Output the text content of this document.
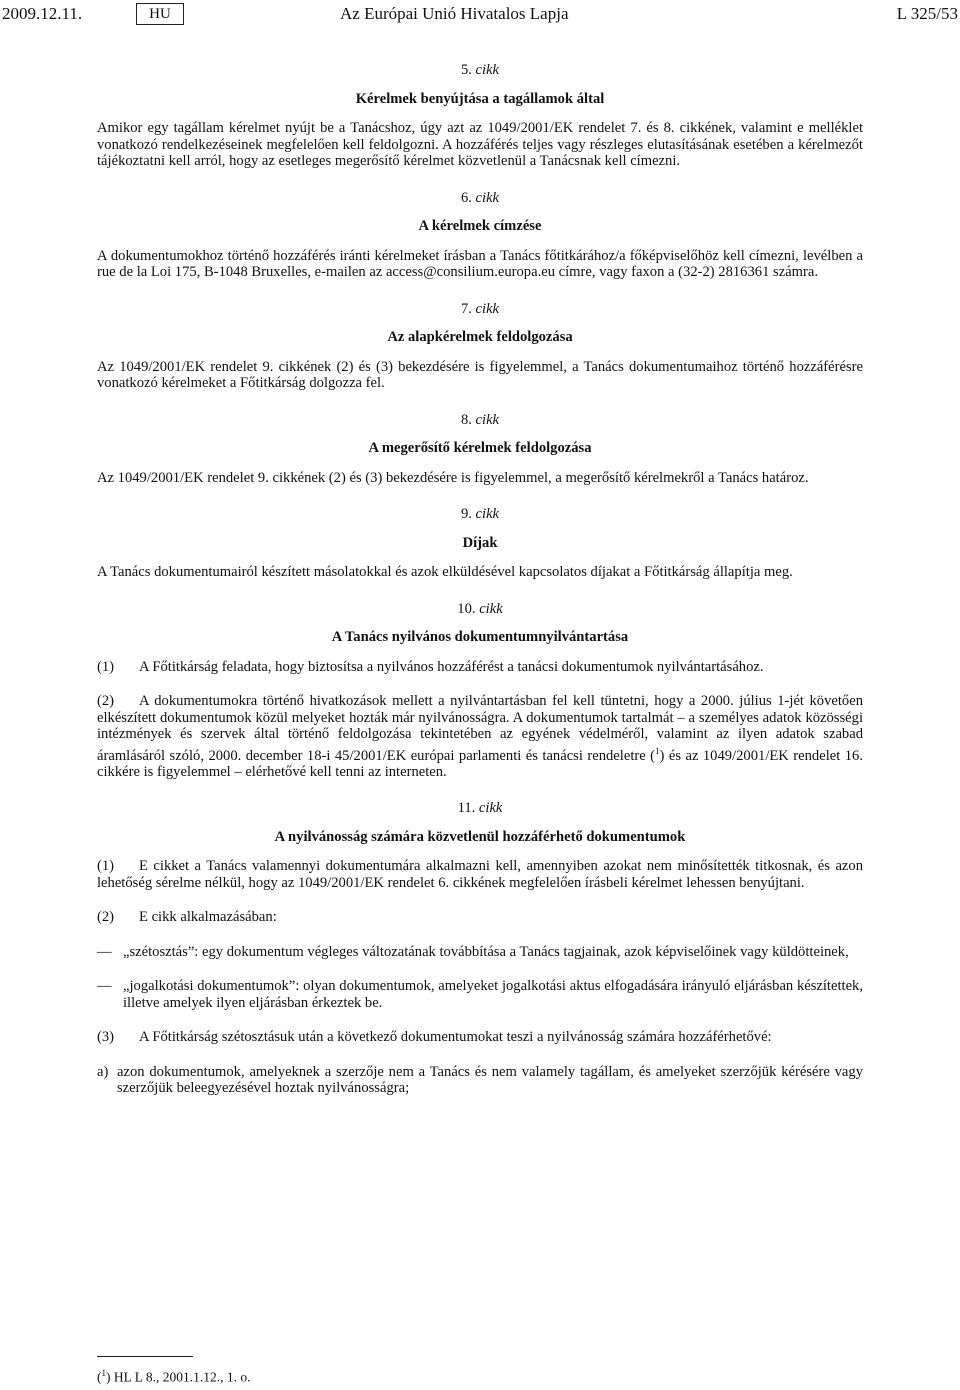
2009.12.11.	HU	Az Európai Unió Hivatalos Lapja	L 325/53

5. cikk

Kérelmek benyújtása a tagállamok által

Amikor egy tagállam kérelmet nyújt be a Tanácshoz, úgy azt az 1049/2001/EK rendelet 7. és 8. cikkének, valamint e melléklet vonatkozó rendelkezéseinek megfelelően kell feldolgozni. A hozzáférés teljes vagy részleges elutasításának esetében a kérelmezőt tájékoztatni kell arról, hogy az esetleges megerősítő kérelmet közvetlenül a Tanácsnak kell címezni.

6. cikk

A kérelmek címzése

A dokumentumokhoz történő hozzáférés iránti kérelmeket írásban a Tanács főtitkárához/a főképviselőhöz kell címezni, levélben a rue de la Loi 175, B-1048 Bruxelles, e-mailen az access@consilium.europa.eu címre, vagy faxon a (32-2) 2816361 számra.

7. cikk

Az alapkérelmek feldolgozása

Az 1049/2001/EK rendelet 9. cikkének (2) és (3) bekezdésére is figyelemmel, a Tanács dokumentumaihoz történő hozzáférésre vonatkozó kérelmeket a Főtitkárság dolgozza fel.

8. cikk

A megerősítő kérelmek feldolgozása

Az 1049/2001/EK rendelet 9. cikkének (2) és (3) bekezdésére is figyelemmel, a megerősítő kérelmekről a Tanács határoz.

9. cikk

Díjak

A Tanács dokumentumairól készített másolatokkal és azok elküldésével kapcsolatos díjakat a Főtitkárság állapítja meg.

10. cikk

A Tanács nyilvános dokumentumnyilvántartása

(1)	A Főtitkárság feladata, hogy biztosítsa a nyilvános hozzáférést a tanácsi dokumentumok nyilvántartásához.
(2) A dokumentumokra történő hivatkozások mellett a nyilvántartásban fel kell tüntetni, hogy a 2000. július 1-jét követően elkészített dokumentumok közül melyeket hozták már nyilvánosságra. A dokumentumok tartalmát – a személyes adatok közösségi intézmények és szervek által történő feldolgozása tekintetében az egyének védelméről, valamint az ilyen adatok szabad áramlásáról szóló, 2000. december 18-i 45/2001/EK európai parlamenti és tanácsi rendeletre ($^1$) és az 1049/2001/EK rendelet 16. cikkére is figyelemmel – elérhetővé kell tenni az interneten.

11. cikk

A nyilvánosság számára közvetlenül hozzáférhető dokumentumok

(1) E cikket a Tanács valamennyi dokumentumára alkalmazni kell, amennyiben azokat nem minősítették titkosnak, és azon lehetőség sérelme nélkül, hogy az 1049/2001/EK rendelet 6. cikkének megfelelően írásbeli kérelmet lehessen benyújtani.
(2)	E cikk alkalmazásában:
— „szétosztás”: egy dokumentum végleges változatának továbbítása a Tanács tagjainak, azok képviselőinek vagy küldötteinek,
— „jogalkotási dokumentumok”: olyan dokumentumok, amelyeket jogalkotási aktus elfogadására irányuló eljárásban készítettek, illetve amelyek ilyen eljárásban érkeztek be.
(3)	A Főtitkárság szétosztásuk után a következő dokumentumokat teszi a nyilvánosság számára hozzáférhetővé:
a) azon dokumentumok, amelyeknek a szerzője nem a Tanács és nem valamely tagállam, és amelyeket szerzőjük kérésére vagy szerzőjük beleegyezésével hoztak nyilvánosságra;
($^1$) HL L 8., 2001.1.12., 1. o.
